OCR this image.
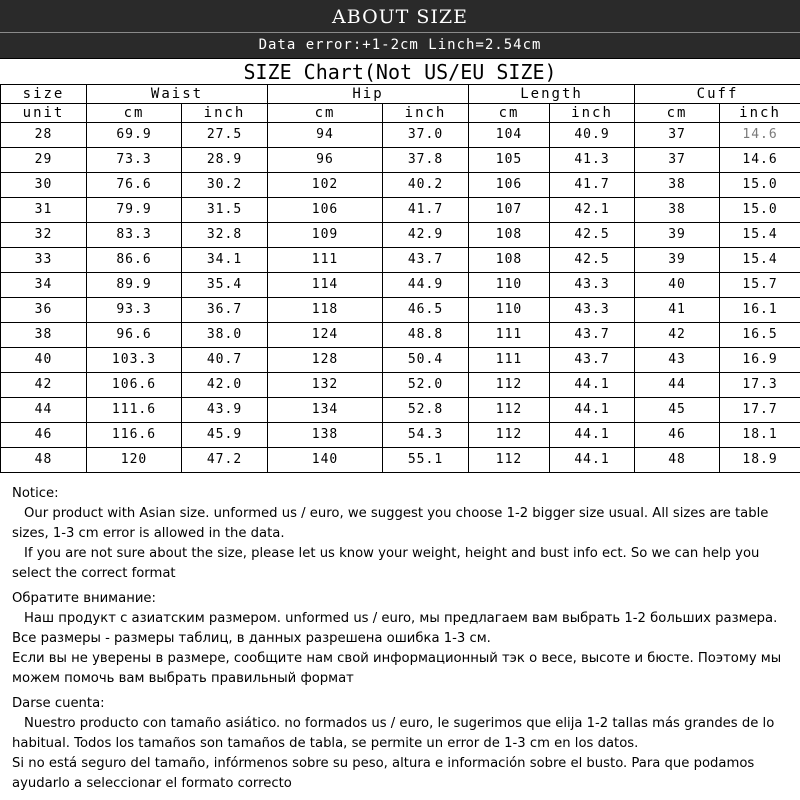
ABOUT SIZE
Data error:+1-2cm Linch=2.54cm
SIZE Chart(Not US/EU SIZE)
size	Waist		Hip		Length		Cuff	
unit	cm	inch	cm	inch	cm	inch	cm	inch
28	69.9	27.5	94	37.0	104	40.9	37	14.6
29	73.3	28.9	96	37.8	105	41.3	37	14.6
30	76.6	30.2	102	40.2	106	41.7	38	15.0
31	79.9	31.5	106	41.7	107	42.1	38	15.0
32	83.3	32.8	109	42.9	108	42.5	39	15.4
33	86.6	34.1	111	43.7	108	42.5	39	15.4
34	89.9	35.4	114	44.9	110	43.3	40	15.7
36	93.3	36.7	118	46.5	110	43.3	41	16.1
38	96.6	38.0	124	48.8	111	43.7	42	16.5
40	103.3	40.7	128	50.4	111	43.7	43	16.9
42	106.6	42.0	132	52.0	112	44.1	44	17.3
44	111.6	43.9	134	52.8	112	44.1	45	17.7
46	116.6	45.9	138	54.3	112	44.1	46	18.1
48	120	47.2	140	55.1	112	44.1	48	18.9

Notice:

Our product with Asian size. unformed us / euro, we suggest you choose 1-2 bigger size usual. All sizes are table sizes, 1-3 cm error is allowed in the data.

If you are not sure about the size, please let us know your weight, height and bust info ect. So we can help you select the correct format

Обратите внимание:

Наш продукт с азиатским размером. unformed us / euro, мы предлагаем вам выбрать 1-2 больших размера. Все размеры - размеры таблиц, в данных разрешена ошибка 1-3 см.

Если вы не уверены в размере, сообщите нам свой информационный тэк о весе, высоте и бюсте. Поэтому мы можем помочь вам выбрать правильный формат

Darse cuenta:

Nuestro producto con tamaño asiático. no formados us / euro, le sugerimos que elija 1-2 tallas más grandes de lo habitual. Todos los tamaños son tamaños de tabla, se permite un error de 1-3 cm en los datos.

Si no está seguro del tamaño, infórmenos sobre su peso, altura e información sobre el busto. Para que podamos ayudarlo a seleccionar el formato correcto
